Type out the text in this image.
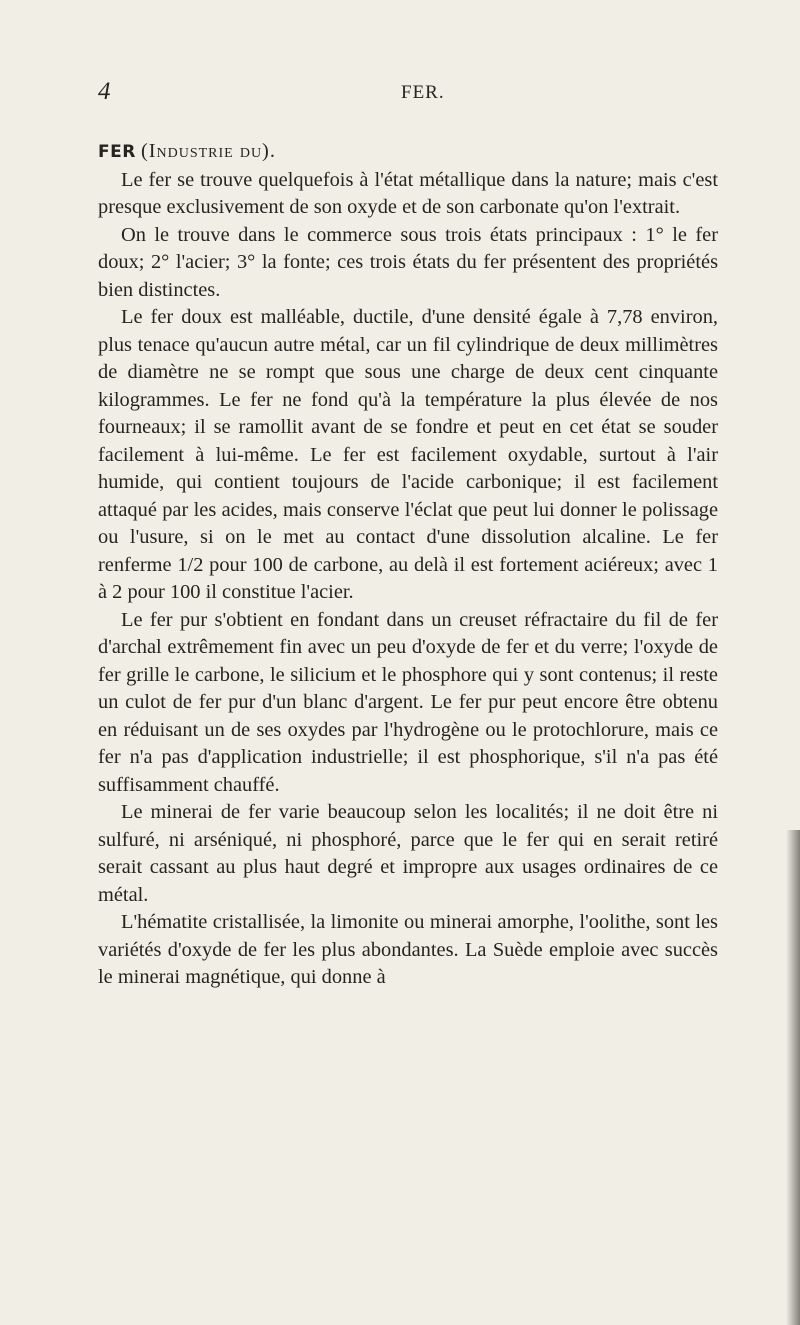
4	FER.

FER (Industrie du).

Le fer se trouve quelquefois à l'état métallique dans la nature; mais c'est presque exclusivement de son oxyde et de son carbonate qu'on l'extrait.

On le trouve dans le commerce sous trois états principaux : 1° le fer doux; 2° l'acier; 3° la fonte; ces trois états du fer présentent des propriétés bien distinctes.

Le fer doux est malléable, ductile, d'une densité égale à 7,78 environ, plus tenace qu'aucun autre métal, car un fil cylindrique de deux millimètres de diamètre ne se rompt que sous une charge de deux cent cinquante kilogrammes. Le fer ne fond qu'à la température la plus élevée de nos fourneaux; il se ramollit avant de se fondre et peut en cet état se souder facilement à lui-même. Le fer est facilement oxydable, surtout à l'air humide, qui contient toujours de l'acide carbonique; il est facilement attaqué par les acides, mais conserve l'éclat que peut lui donner le polissage ou l'usure, si on le met au contact d'une dissolution alcaline. Le fer renferme 1/2 pour 100 de carbone, au delà il est fortement aciéreux; avec 1 à 2 pour 100 il constitue l'acier.

Le fer pur s'obtient en fondant dans un creuset réfractaire du fil de fer d'archal extrêmement fin avec un peu d'oxyde de fer et du verre; l'oxyde de fer grille le carbone, le silicium et le phosphore qui y sont contenus; il reste un culot de fer pur d'un blanc d'argent. Le fer pur peut encore être obtenu en réduisant un de ses oxydes par l'hydrogène ou le protochlorure, mais ce fer n'a pas d'application industrielle; il est phosphorique, s'il n'a pas été suffisamment chauffé.

Le minerai de fer varie beaucoup selon les localités; il ne doit être ni sulfuré, ni arséniqué, ni phosphoré, parce que le fer qui en serait retiré serait cassant au plus haut degré et impropre aux usages ordinaires de ce métal.

L'hématite cristallisée, la limonite ou minerai amorphe, l'oolithe, sont les variétés d'oxyde de fer les plus abondantes. La Suède emploie avec succès le minerai magnétique, qui donne à
